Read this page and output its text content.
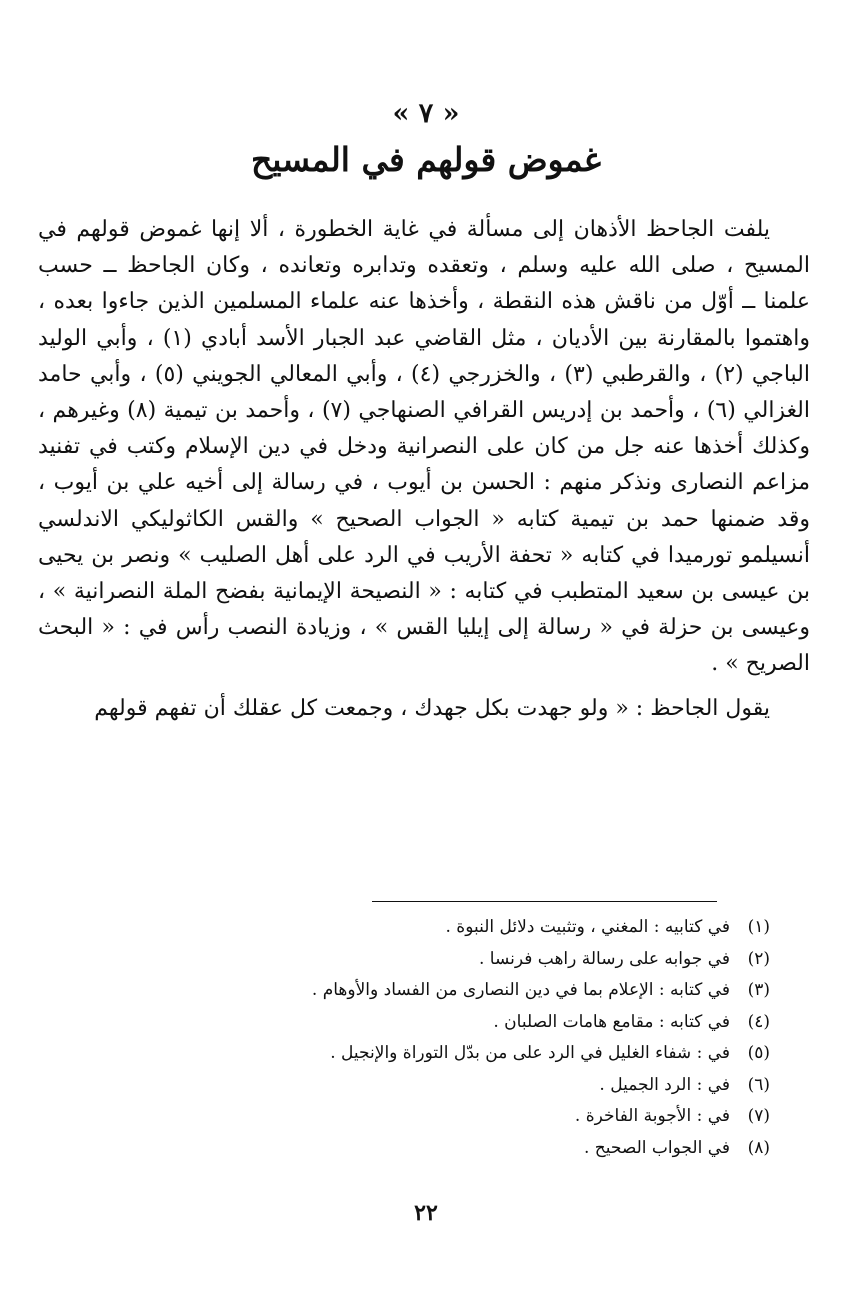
« ٧ »
غموض قولهم في المسيح

يلفت الجاحظ الأذهان إلى مسألة في غاية الخطورة ، ألا إنها غموض قولهم في المسيح ، صلى الله عليه وسلم ، وتعقده وتدابره وتعانده ، وكان الجاحظ ــ حسب علمنا ــ أوّل من ناقش هذه النقطة ، وأخذها عنه علماء المسلمين الذين جاءوا بعده ، واهتموا بالمقارنة بين الأديان ، مثل القاضي عبد الجبار الأسد أبادي (١) ، وأبي الوليد الباجي (٢) ، والقرطبي (٣) ، والخزرجي (٤) ، وأبي المعالي الجويني (٥) ، وأبي حامد الغزالي (٦) ، وأحمد بن إدريس القرافي الصنهاجي (٧) ، وأحمد بن تيمية (٨) وغيرهم ، وكذلك أخذها عنه جل من كان على النصرانية ودخل في دين الإسلام وكتب في تفنيد مزاعم النصارى ونذكر منهم : الحسن بن أيوب ، في رسالة إلى أخيه علي بن أيوب ، وقد ضمنها حمد بن تيمية كتابه « الجواب الصحيح » والقس الكاثوليكي الاندلسي أنسيلمو تورميدا في كتابه « تحفة الأريب في الرد على أهل الصليب » ونصر بن يحيى بن عيسى بن سعيد المتطبب في كتابه : « النصيحة الإيمانية بفضح الملة النصرانية » ، وعيسى بن حزلة في « رسالة إلى إيليا القس » ، وزيادة النصب رأس في : « البحث الصريح » .

يقول الجاحظ : « ولو جهدت بكل جهدك ، وجمعت كل عقلك أن تفهم قولهم

(١)
في كتابيه : المغني ، وتثبيت دلائل النبوة .
(٢)
في جوابه على رسالة راهب فرنسا .
(٣)
في كتابه : الإعلام بما في دين النصارى من الفساد والأوهام .
(٤)
في كتابه : مقامع هامات الصلبان .
(٥)
في : شفاء الغليل في الرد على من بدّل التوراة والإنجيل .
(٦)
في : الرد الجميل .
(٧)
في : الأجوبة الفاخرة .
(٨)
في الجواب الصحيح .
٢٢
